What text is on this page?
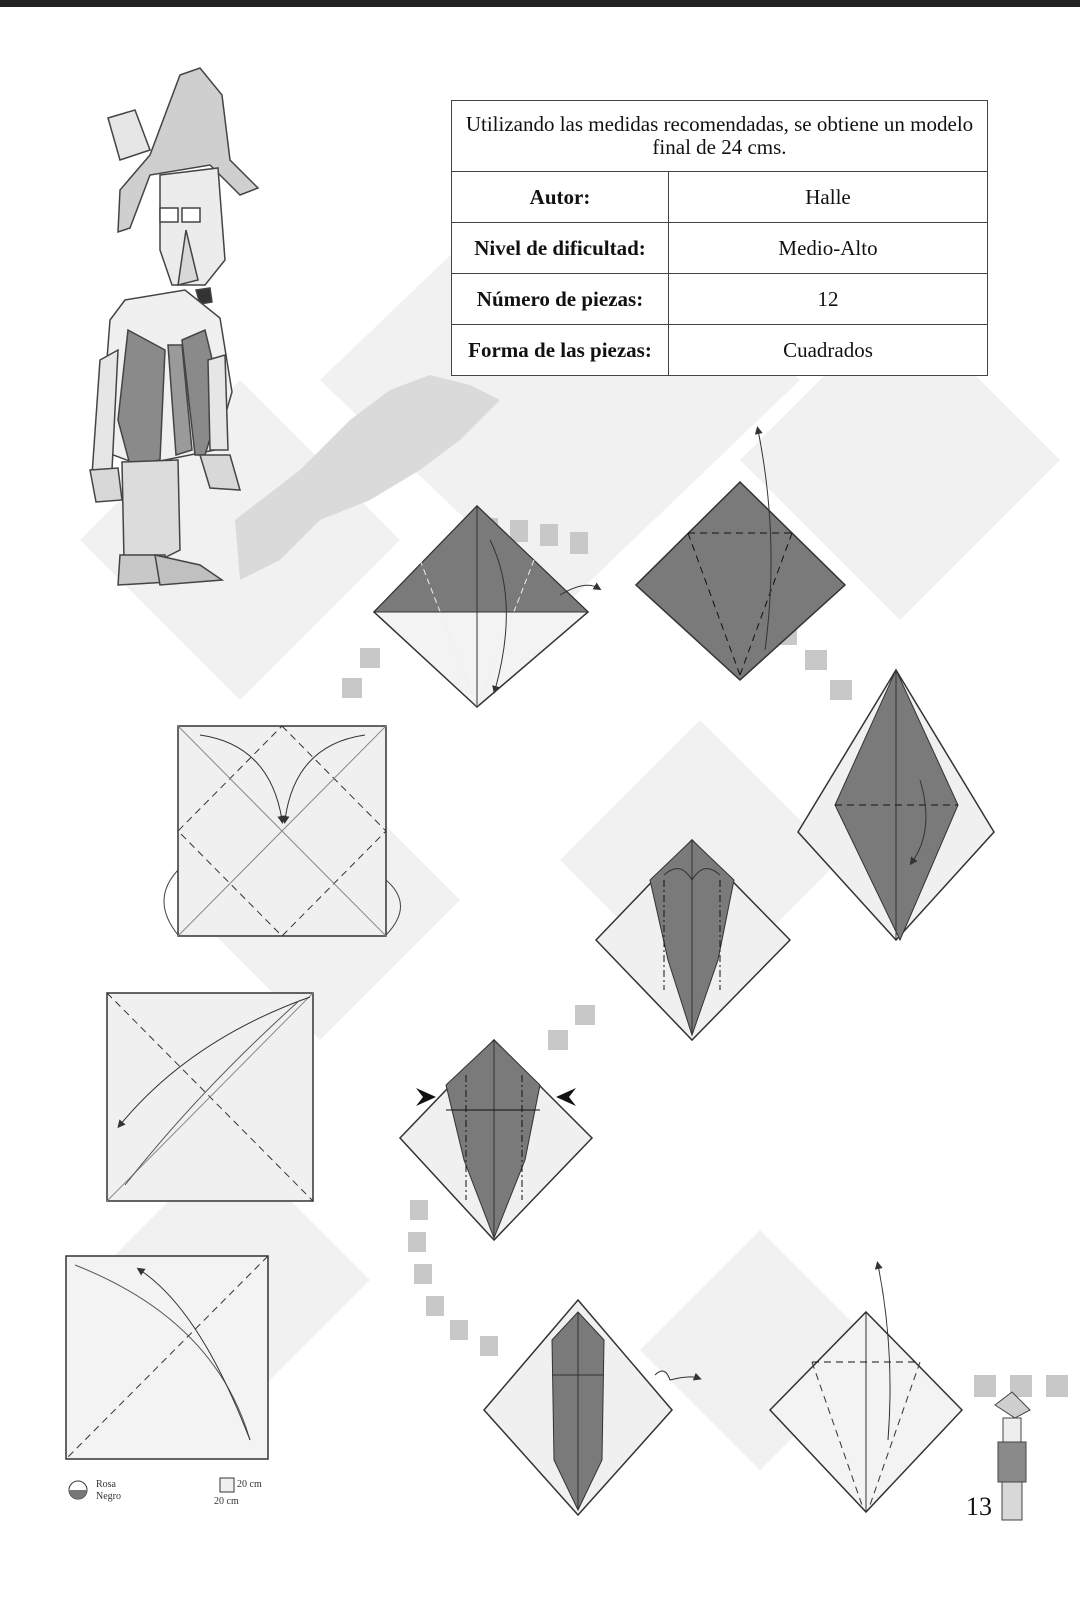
Utilizando las medidas recomendadas, se obtiene un modelo final de 24 cms.	
Autor:	Halle
Nivel de dificultad:	Medio-Alto
Número de piezas:	12
Forma de las piezas:	Cuadrados
Rosa
Negro
20 cm
20 cm	13
